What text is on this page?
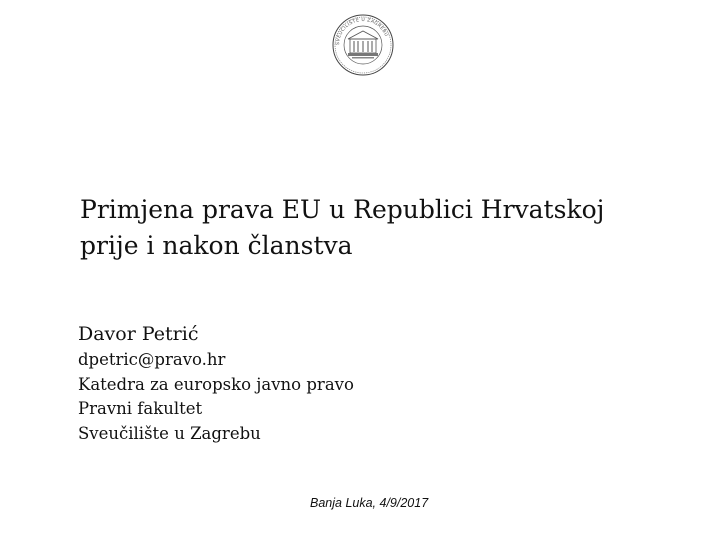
SVEUČILIŠTE U ZAGREBU
Primjena prava EU u Republici Hrvatskoj
prije i nakon članstva
Davor Petrić
dpetric@pravo.hr
Katedra za europsko javno pravo
Pravni fakultet
Sveučilište u Zagrebu
Banja Luka, 4/9/2017
